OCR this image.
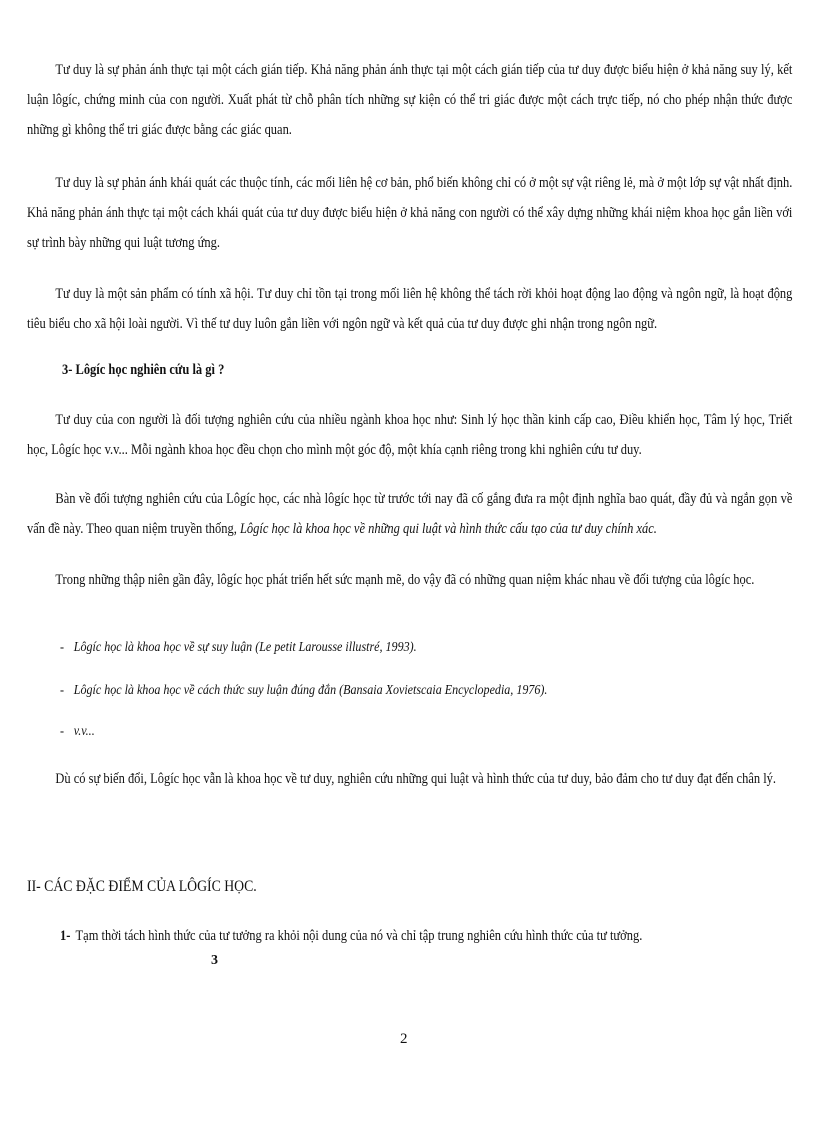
Tư duy là sự phản ánh thực tại một cách gián tiếp. Khả năng phản ánh thực tại một cách gián tiếp của tư duy được biểu hiện ở khả năng suy lý, kết luận lôgíc, chứng minh của con người. Xuất phát từ chỗ phân tích những sự kiện có thể tri giác được một cách trực tiếp, nó cho phép nhận thức được những gì không thể tri giác được bằng các giác quan.

Tư duy là sự phản ánh khái quát các thuộc tính, các mối liên hệ cơ bản, phổ biến không chỉ có ở một sự vật riêng lẻ, mà ở một lớp sự vật nhất định. Khả năng phản ánh thực tại một cách khái quát của tư duy được biểu hiện ở khả năng con người có thể xây dựng những khái niệm khoa học gắn liền với sự trình bày những qui luật tương ứng.

Tư duy là một sản phẩm có tính xã hội. Tư duy chỉ tồn tại trong mối liên hệ không thể tách rời khỏi hoạt động lao động và ngôn ngữ, là hoạt động tiêu biểu cho xã hội loài người. Vì thế tư duy luôn gắn liền với ngôn ngữ và kết quả của tư duy được ghi nhận trong ngôn ngữ.

3- Lôgíc học nghiên cứu là gì ?

Tư duy của con người là đối tượng nghiên cứu của nhiều ngành khoa học như: Sinh lý học thần kinh cấp cao, Điều khiển học, Tâm lý học, Triết học, Lôgíc học v.v... Mỗi ngành khoa học đều chọn cho mình một góc độ, một khía cạnh riêng trong khi nghiên cứu tư duy.

Bàn về đối tượng nghiên cứu của Lôgíc học, các nhà lôgíc học từ trước tới nay đã cố gắng đưa ra một định nghĩa bao quát, đầy đủ và ngắn gọn về vấn đề này. Theo quan niệm truyền thống, Lôgíc học là khoa học về những qui luật và hình thức cấu tạo của tư duy chính xác.

Trong những thập niên gần đây, lôgíc học phát triển hết sức mạnh mẽ, do vậy đã có những quan niệm khác nhau về đối tượng của lôgíc học.

- Lôgíc học là khoa học về sự suy luận (Le petit Larousse illustré, 1993).

- Lôgíc học là khoa học về cách thức suy luận đúng đắn (Bansaia Xovietscaia Encyclopedia, 1976).

- v.v...

Dù có sự biến đổi, Lôgíc học vẫn là khoa học về tư duy, nghiên cứu những qui luật và hình thức của tư duy, bảo đảm cho tư duy đạt đến chân lý.

II- CÁC ĐẶC ĐIỂM CỦA LÔGÍC HỌC.

1- Tạm thời tách hình thức của tư tưởng ra khỏi nội dung của nó và chỉ tập trung nghiên cứu hình thức của tư tưởng.

3

2
